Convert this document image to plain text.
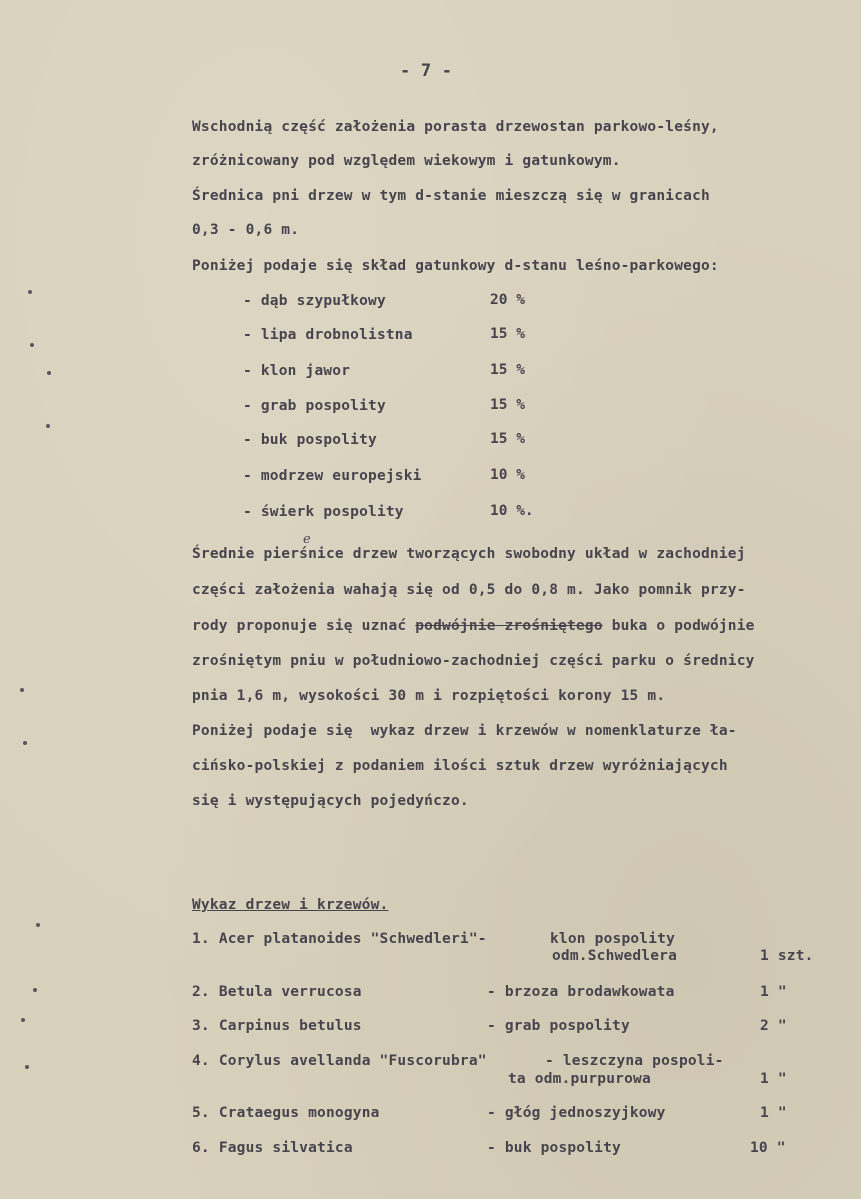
- 7 -
Wschodnią część założenia porasta drzewostan parkowo-leśny,
zróżnicowany pod względem wiekowym i gatunkowym.
Średnica pni drzew w tym d-stanie mieszczą się w granicach
0,3 - 0,6 m.
Poniżej podaje się skład gatunkowy d-stanu leśno-parkowego:
- dąb szypułkowy	20 %
- lipa drobnolistna	15 %
- klon jawor	15 %
- grab pospolity	15 %
- buk pospolity	15 %
- modrzew europejski	10 %
- świerk pospolity	10 %.
e
Średnie pierśnice drzew tworzących swobodny układ w zachodniej
części założenia wahają się od 0,5 do 0,8 m. Jako pomnik przy-
rody proponuje się uznać podwójnie zrośniętego buka o podwójnie
zrośniętym pniu w południowo-zachodniej części parku o średnicy
pnia 1,6 m, wysokości 30 m i rozpiętości korony 15 m.
Poniżej podaje się  wykaz drzew i krzewów w nomenklaturze ła-
cińsko-polskiej z podaniem ilości sztuk drzew wyróżniających
się i występujących pojedyńczo.
Wykaz drzew i krzewów.
1. Acer platanoides "Schwedleri"-	klon pospolity
odm.Schwedlera	1 szt.
2. Betula verrucosa	- brzoza brodawkowata	1 "
3. Carpinus betulus	- grab pospolity	2 "
4. Corylus avellanda "Fuscorubra"	- leszczyna pospoli-
ta odm.purpurowa	1 "
5. Crataegus monogyna	- głóg jednoszyjkowy	1 "
6. Fagus silvatica	- buk pospolity	10 "
